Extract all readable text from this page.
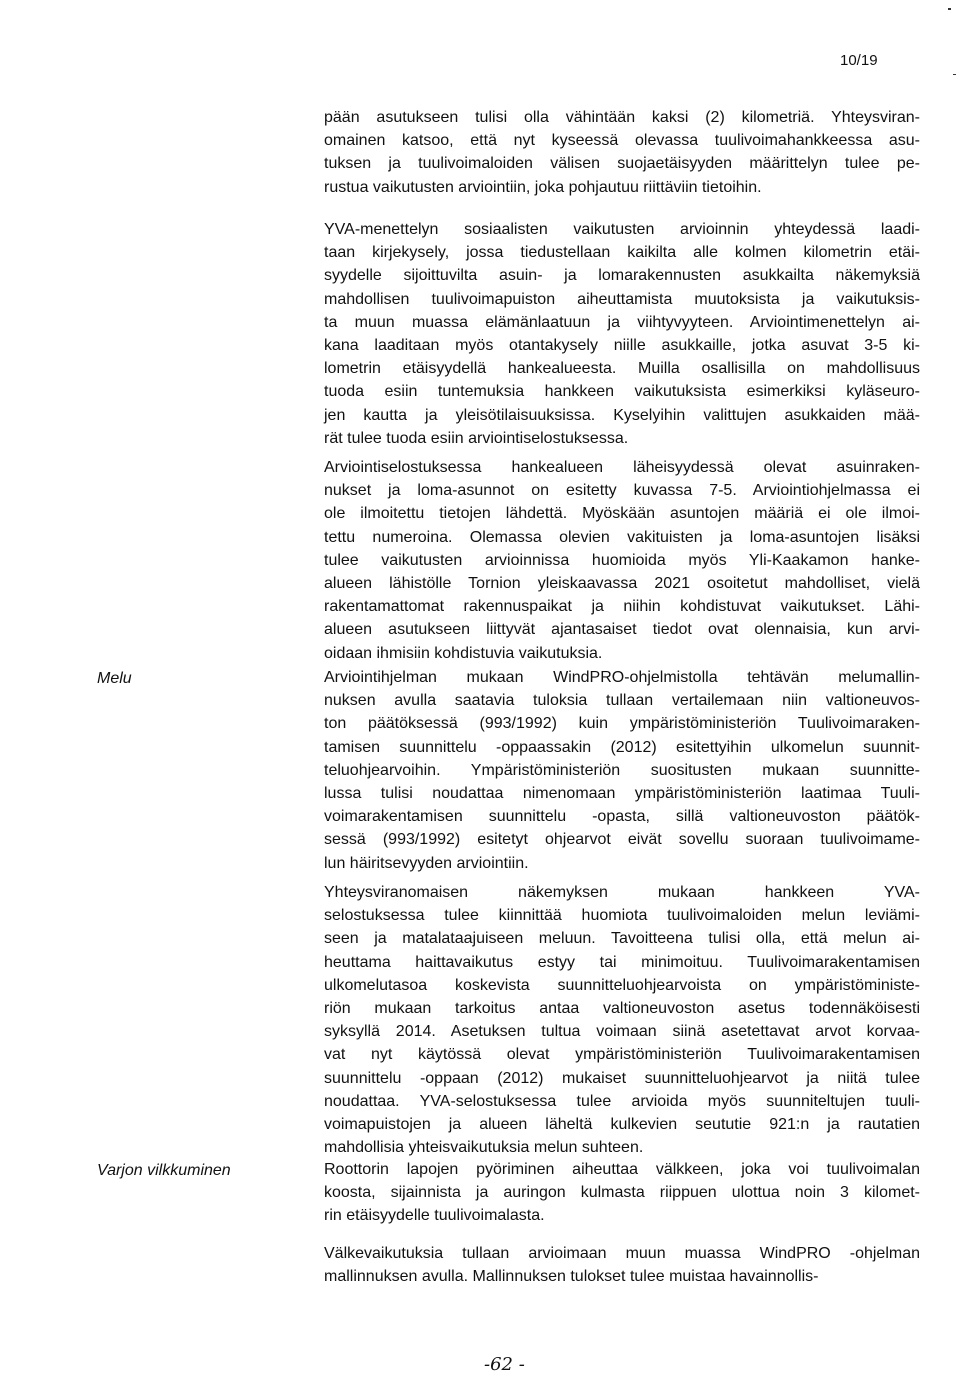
10/19
pään asutukseen tulisi olla vähintään kaksi (2) kilometriä. Yhteysviran-
omainen katsoo, että nyt kyseessä olevassa tuulivoimahankkeessa asu-
tuksen ja tuulivoimaloiden välisen suojaetäisyyden määrittelyn tulee pe-
rustua vaikutusten arviointiin, joka pohjautuu riittäviin tietoihin.
YVA-menettelyn sosiaalisten vaikutusten arvioinnin yhteydessä laadi-
taan kirjekysely, jossa tiedustellaan kaikilta alle kolmen kilometrin etäi-
syydelle sijoittuvilta asuin- ja lomarakennusten asukkailta näkemyksiä
mahdollisen tuulivoimapuiston aiheuttamista muutoksista ja vaikutuksis-
ta muun muassa elämänlaatuun ja viihtyvyyteen. Arviointimenettelyn ai-
kana laaditaan myös otantakysely niille asukkaille, jotka asuvat 3-5 ki-
lometrin etäisyydellä hankealueesta. Muilla osallisilla on mahdollisuus
tuoda esiin tuntemuksia hankkeen vaikutuksista esimerkiksi kyläseuro-
jen kautta ja yleisötilaisuuksissa. Kyselyihin valittujen asukkaiden mää-
rät tulee tuoda esiin arviointiselostuksessa.
Arviointiselostuksessa hankealueen läheisyydessä olevat asuinraken-
nukset ja loma-asunnot on esitetty kuvassa 7-5. Arviointiohjelmassa ei
ole ilmoitettu tietojen lähdettä. Myöskään asuntojen määriä ei ole ilmoi-
tettu numeroina. Olemassa olevien vakituisten ja loma-asuntojen lisäksi
tulee vaikutusten arvioinnissa huomioida myös Yli-Kaakamon hanke-
alueen lähistölle Tornion yleiskaavassa 2021 osoitetut mahdolliset, vielä
rakentamattomat rakennuspaikat ja niihin kohdistuvat vaikutukset. Lähi-
alueen asutukseen liittyvät ajantasaiset tiedot ovat olennaisia, kun arvi-
oidaan ihmisiin kohdistuvia vaikutuksia.
Melu	Arviointihjelman mukaan WindPRO-ohjelmistolla tehtävän melumallin-
nuksen avulla saatavia tuloksia tullaan vertailemaan niin valtioneuvos-
ton päätöksessä (993/1992) kuin ympäristöministeriön Tuulivoimaraken-
tamisen suunnittelu -oppaassakin (2012) esitettyihin ulkomelun suunnit-
teluohjearvoihin. Ympäristöministeriön suositusten mukaan suunnitte-
lussa tulisi noudattaa nimenomaan ympäristöministeriön laatimaa Tuuli-
voimarakentamisen suunnittelu -opasta, sillä valtioneuvoston päätök-
sessä (993/1992) esitetyt ohjearvot eivät sovellu suoraan tuulivoimame-
lun häiritsevyyden arviointiin.
Yhteysviranomaisen näkemyksen mukaan hankkeen YVA-
selostuksessa tulee kiinnittää huomiota tuulivoimaloiden melun leviämi-
seen ja matalataajuiseen meluun. Tavoitteena tulisi olla, että melun ai-
heuttama haittavaikutus estyy tai minimoituu. Tuulivoimarakentamisen
ulkomelutasoa koskevista suunnitteluohjearvoista on ympäristöministe-
riön mukaan tarkoitus antaa valtioneuvoston asetus todennäköisesti
syksyllä 2014. Asetuksen tultua voimaan siinä asetettavat arvot korvaa-
vat nyt käytössä olevat ympäristöministeriön Tuulivoimarakentamisen
suunnittelu -oppaan (2012) mukaiset suunnitteluohjearvot ja niitä tulee
noudattaa. YVA-selostuksessa tulee arvioida myös suunniteltujen tuuli-
voimapuistojen ja alueen läheltä kulkevien seututie 921:n ja rautatien
mahdollisia yhteisvaikutuksia melun suhteen.
Varjon vilkkuminen	Roottorin lapojen pyöriminen aiheuttaa välkkeen, joka voi tuulivoimalan
koosta, sijainnista ja auringon kulmasta riippuen ulottua noin 3 kilomet-
rin etäisyydelle tuulivoimalasta.
Välkevaikutuksia tullaan arvioimaan muun muassa WindPRO -ohjelman
mallinnuksen avulla. Mallinnuksen tulokset tulee muistaa havainnollis-
-62 -
